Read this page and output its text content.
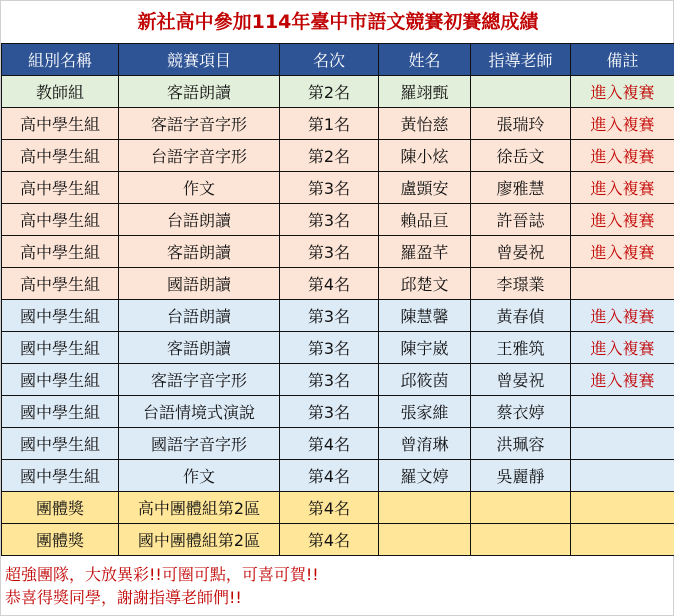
新社高中參加114年臺中市語文競賽初賽總成績
組別名稱	競賽項目	名次	姓名	指導老師	備註
教師組	客語朗讀	第2名	羅翊甄		進入複賽
高中學生組	客語字音字形	第1名	黃怡慈	張瑞玲	進入複賽
高中學生組	台語字音字形	第2名	陳小炫	徐岳文	進入複賽
高中學生組	作文	第3名	盧顗安	廖雅慧	進入複賽
高中學生組	台語朗讀	第3名	賴品亘	許晉誌	進入複賽
高中學生組	客語朗讀	第3名	羅盈芊	曾晏祝	進入複賽
高中學生組	國語朗讀	第4名	邱楚文	李璟業	
國中學生組	台語朗讀	第3名	陳慧馨	黃春偵	進入複賽
國中學生組	客語朗讀	第3名	陳宇崴	王雅筑	進入複賽
國中學生組	客語字音字形	第3名	邱筱茵	曾晏祝	進入複賽
國中學生組	台語情境式演說	第3名	張家維	蔡衣婷	
國中學生組	國語字音字形	第4名	曾淯琳	洪珮容	
國中學生組	作文	第4名	羅文婷	吳麗靜	
團體獎	高中團體組第2區	第4名			
團體獎	國中團體組第2區	第4名			
超強團隊，大放異彩!!可圈可點，可喜可賀!!
恭喜得獎同學，謝謝指導老師們!!
